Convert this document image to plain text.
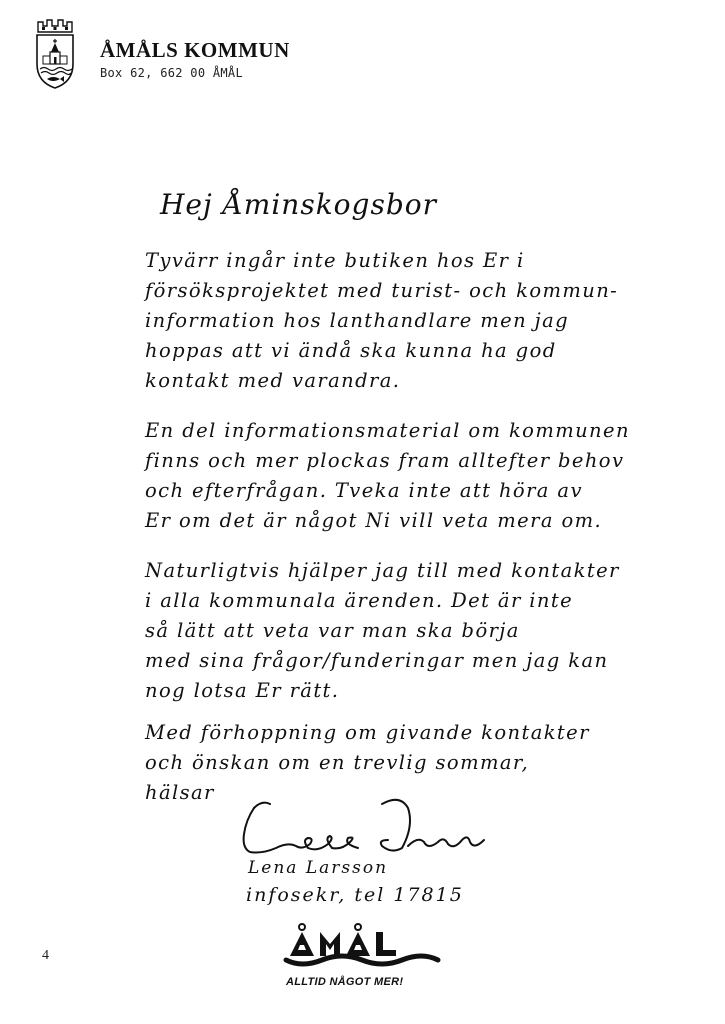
ÅMÅLS KOMMUN
Box 62, 662 00 ÅMÅL
Hej Åminskogsbor
Tyvärr ingår inte butiken hos Er i
försöksprojektet med turist- och kommun-
information hos lanthandlare men jag
hoppas att vi ändå ska kunna ha god
kontakt med varandra.
En del informationsmaterial om kommunen
finns och mer plockas fram alltefter behov
och efterfrågan. Tveka inte att höra av
Er om det är något Ni vill veta mera om.
Naturligtvis hjälper jag till med kontakter
i alla kommunala ärenden. Det är inte
så lätt att veta var man ska börja
med sina frågor/funderingar men jag kan
nog lotsa Er rätt.
Med förhoppning om givande kontakter
och önskan om en trevlig sommar,
hälsar
Lena Larsson
infosekr, tel 17815
4
ALLTID NÅGOT MER!
